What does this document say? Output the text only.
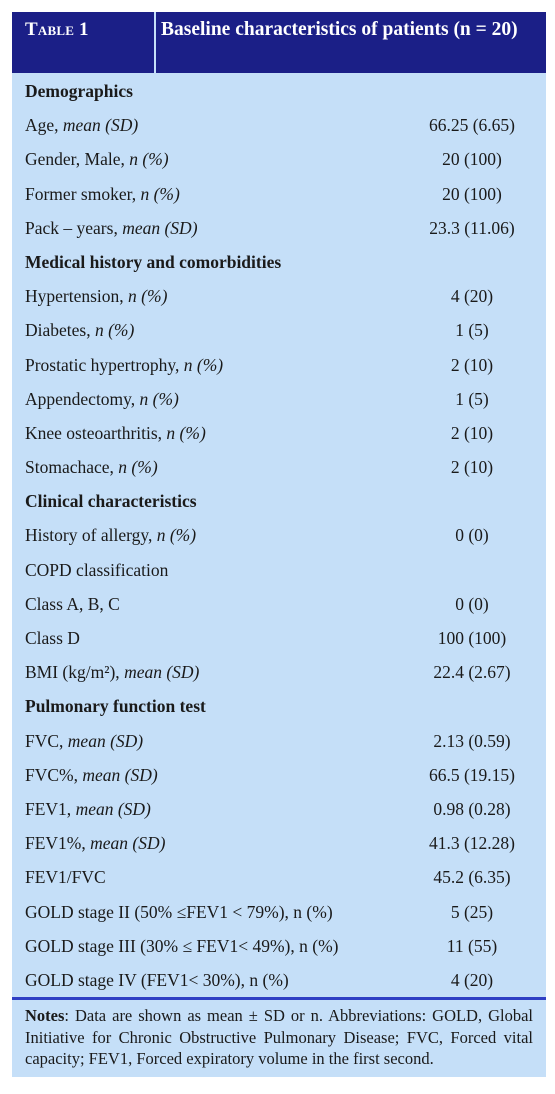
Table 1	Baseline characteristics of patients (n = 20)
Demographics
Age, mean (SD)	66.25 (6.65)
Gender, Male, n (%)	20 (100)
Former smoker, n (%)	20 (100)
Pack – years, mean (SD)	23.3 (11.06)
Medical history and comorbidities
Hypertension, n (%)	4 (20)
Diabetes, n (%)	1 (5)
Prostatic hypertrophy, n (%)	2 (10)
Appendectomy, n (%)	1 (5)
Knee osteoarthritis, n (%)	2 (10)
Stomachace, n (%)	2 (10)
Clinical characteristics
History of allergy, n (%)	0 (0)
COPD classification
Class A, B, C	0 (0)
Class D	100 (100)
BMI (kg/m²), mean (SD)	22.4 (2.67)
Pulmonary function test
FVC, mean (SD)	2.13 (0.59)
FVC%, mean (SD)	66.5 (19.15)
FEV1, mean (SD)	0.98 (0.28)
FEV1%, mean (SD)	41.3 (12.28)
FEV1/FVC	45.2 (6.35)
GOLD stage II (50% ≤FEV1 < 79%), n (%)	5 (25)
GOLD stage III (30% ≤ FEV1< 49%), n (%)	11 (55)
GOLD stage IV (FEV1< 30%), n (%)	4 (20)
Notes: Data are shown as mean ± SD or n. Abbreviations: GOLD, Global Initiative for Chronic Obstructive Pulmonary Disease; FVC, Forced vital capacity; FEV1, Forced expiratory volume in the first second.
